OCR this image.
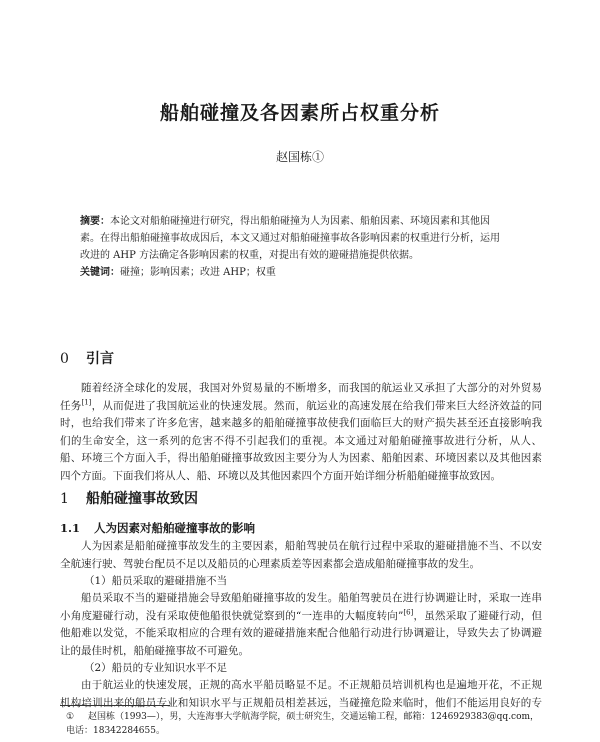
船舶碰撞及各因素所占权重分析
赵国栋①
摘要：本论文对船舶碰撞进行研究，得出船舶碰撞为人为因素、船舶因素、环境因素和其他因素。在得出船舶碰撞事故成因后，本文又通过对船舶碰撞事故各影响因素的权重进行分析，运用改进的 AHP 方法确定各影响因素的权重，对提出有效的避碰措施提供依据。
关键词：碰撞；影响因素；改进 AHP；权重
0 引言
随着经济全球化的发展，我国对外贸易量的不断增多，而我国的航运业又承担了大部分的对外贸易任务[1]，从而促进了我国航运业的快速发展。然而，航运业的高速发展在给我们带来巨大经济效益的同时，也给我们带来了许多危害，越来越多的船舶碰撞事故使我们面临巨大的财产损失甚至还直接影响我们的生命安全，这一系列的危害不得不引起我们的重视。本文通过对船舶碰撞事故进行分析，从人、船、环境三个方面入手，得出船舶碰撞事故致因主要分为人为因素、船舶因素、环境因素以及其他因素四个方面。下面我们将从人、船、环境以及其他因素四个方面开始详细分析船舶碰撞事故致因。
1 船舶碰撞事故致因
1.1 人为因素对船舶碰撞事故的影响
人为因素是船舶碰撞事故发生的主要因素，船舶驾驶员在航行过程中采取的避碰措施不当、不以安全航速行驶、驾驶台配员不足以及船员的心理素质差等因素都会造成船舶碰撞事故的发生。
（1）船员采取的避碰措施不当
船员采取不当的避碰措施会导致船舶碰撞事故的发生。船舶驾驶员在进行协调避让时，采取一连串小角度避碰行动，没有采取使他船很快就觉察到的“一连串的大幅度转向”[6]，虽然采取了避碰行动，但他船难以发觉，不能采取相应的合理有效的避碰措施来配合他船行动进行协调避让，导致失去了协调避让的最佳时机，船舶碰撞事故不可避免。
（2）船员的专业知识水平不足
由于航运业的快速发展，正规的高水平船员略显不足。不正规船员培训机构也是遍地开花，不正规机构培训出来的船员专业和知识水平与正规船员相差甚远，当碰撞危险来临时，他们不能运用良好的专
① 赵国栋（1993—），男，大连海事大学航海学院，硕士研究生，交通运输工程，邮箱：1246929383@qq.com，电话：18342284655。
